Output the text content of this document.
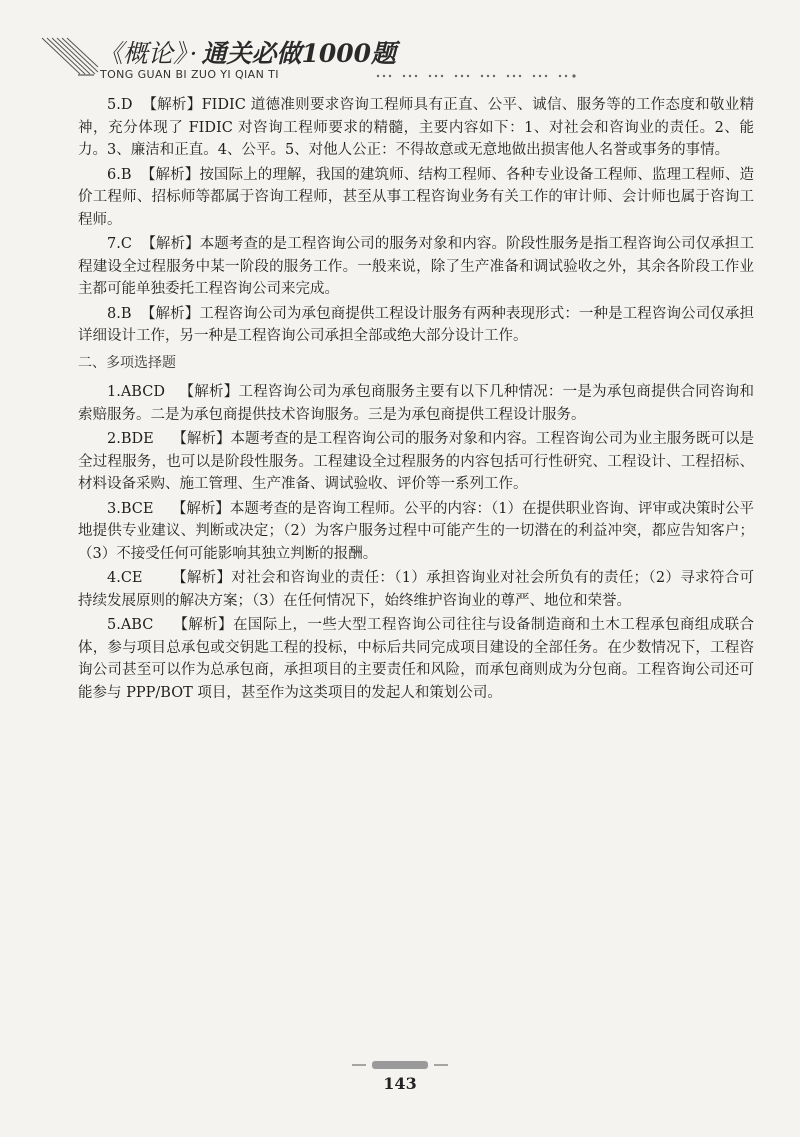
《概论》 · 通关必做1000题
TONG GUAN BI ZUO YI QIAN TI

5.D 【解析】FIDIC 道德准则要求咨询工程师具有正直、公平、诚信、服务等的工作态度和敬业精神，充分体现了 FIDIC 对咨询工程师要求的精髓，主要内容如下：1、对社会和咨询业的责任。2、能力。3、廉洁和正直。4、公平。5、对他人公正：不得故意或无意地做出损害他人名誉或事务的事情。

6.B 【解析】按国际上的理解，我国的建筑师、结构工程师、各种专业设备工程师、监理工程师、造价工程师、招标师等都属于咨询工程师，甚至从事工程咨询业务有关工作的审计师、会计师也属于咨询工程师。

7.C 【解析】本题考查的是工程咨询公司的服务对象和内容。阶段性服务是指工程咨询公司仅承担工程建设全过程服务中某一阶段的服务工作。一般来说，除了生产准备和调试验收之外，其余各阶段工作业主都可能单独委托工程咨询公司来完成。

8.B 【解析】工程咨询公司为承包商提供工程设计服务有两种表现形式：一种是工程咨询公司仅承担详细设计工作，另一种是工程咨询公司承担全部或绝大部分设计工作。

二、多项选择题

1.ABCD 【解析】工程咨询公司为承包商服务主要有以下几种情况：一是为承包商提供合同咨询和索赔服务。二是为承包商提供技术咨询服务。三是为承包商提供工程设计服务。

2.BDE 【解析】本题考查的是工程咨询公司的服务对象和内容。工程咨询公司为业主服务既可以是全过程服务，也可以是阶段性服务。工程建设全过程服务的内容包括可行性研究、工程设计、工程招标、材料设备采购、施工管理、生产准备、调试验收、评价等一系列工作。

3.BCE 【解析】本题考查的是咨询工程师。公平的内容：（1）在提供职业咨询、评审或决策时公平地提供专业建议、判断或决定；（2）为客户服务过程中可能产生的一切潜在的利益冲突，都应告知客户；（3）不接受任何可能影响其独立判断的报酬。

4.CE 【解析】对社会和咨询业的责任：（1）承担咨询业对社会所负有的责任；（2）寻求符合可持续发展原则的解决方案；（3）在任何情况下，始终维护咨询业的尊严、地位和荣誉。

5.ABC 【解析】在国际上，一些大型工程咨询公司往往与设备制造商和土木工程承包商组成联合体，参与项目总承包或交钥匙工程的投标，中标后共同完成项目建设的全部任务。在少数情况下，工程咨询公司甚至可以作为总承包商，承担项目的主要责任和风险，而承包商则成为分包商。工程咨询公司还可能参与 PPP/BOT 项目，甚至作为这类项目的发起人和策划公司。

143
